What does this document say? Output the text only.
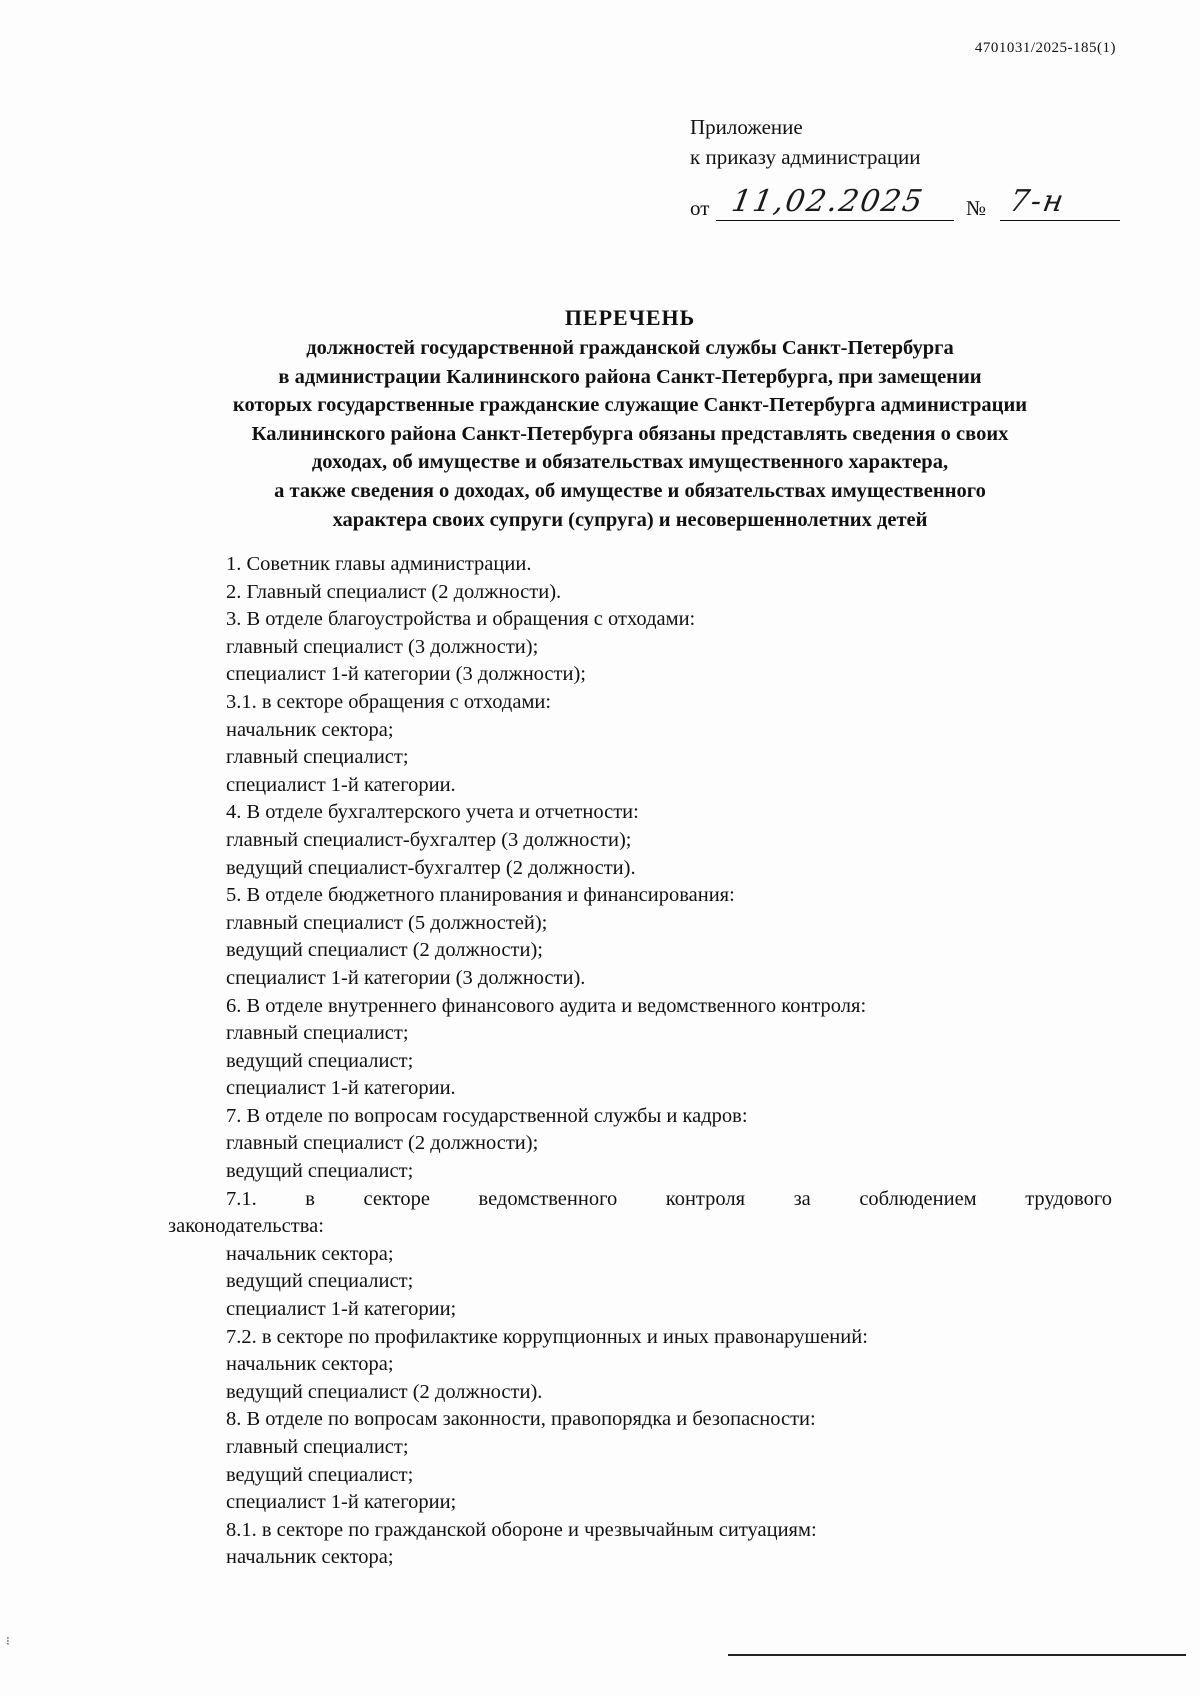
4701031/2025-185(1)
Приложение
к приказу администрации
от 11,02.2025 № 7-н
ПЕРЕЧЕНЬ
должностей государственной гражданской службы Санкт-Петербурга
в администрации Калининского района Санкт-Петербурга, при замещении
которых государственные гражданские служащие Санкт-Петербурга администрации
Калининского района Санкт-Петербурга обязаны представлять сведения о своих
доходах, об имуществе и обязательствах имущественного характера,
а также сведения о доходах, об имуществе и обязательствах имущественного
характера своих супруги (супруга) и несовершеннолетних детей
1. Советник главы администрации.
2. Главный специалист (2 должности).
3. В отделе благоустройства и обращения с отходами:
главный специалист (3 должности);
специалист 1-й категории (3 должности);
3.1. в секторе обращения с отходами:
начальник сектора;
главный специалист;
специалист 1-й категории.
4. В отделе бухгалтерского учета и отчетности:
главный специалист-бухгалтер (3 должности);
ведущий специалист-бухгалтер (2 должности).
5. В отделе бюджетного планирования и финансирования:
главный специалист (5 должностей);
ведущий специалист (2 должности);
специалист 1-й категории (3 должности).
6. В отделе внутреннего финансового аудита и ведомственного контроля:
главный специалист;
ведущий специалист;
специалист 1-й категории.
7. В отделе по вопросам государственной службы и кадров:
главный специалист (2 должности);
ведущий специалист;
7.1. в секторе ведомственного контроля за соблюдением трудового
законодательства:
начальник сектора;
ведущий специалист;
специалист 1-й категории;
7.2. в секторе по профилактике коррупционных и иных правонарушений:
начальник сектора;
ведущий специалист (2 должности).
8. В отделе по вопросам законности, правопорядка и безопасности:
главный специалист;
ведущий специалист;
специалист 1-й категории;
8.1. в секторе по гражданской обороне и чрезвычайным ситуациям:
начальник сектора;
⁝
